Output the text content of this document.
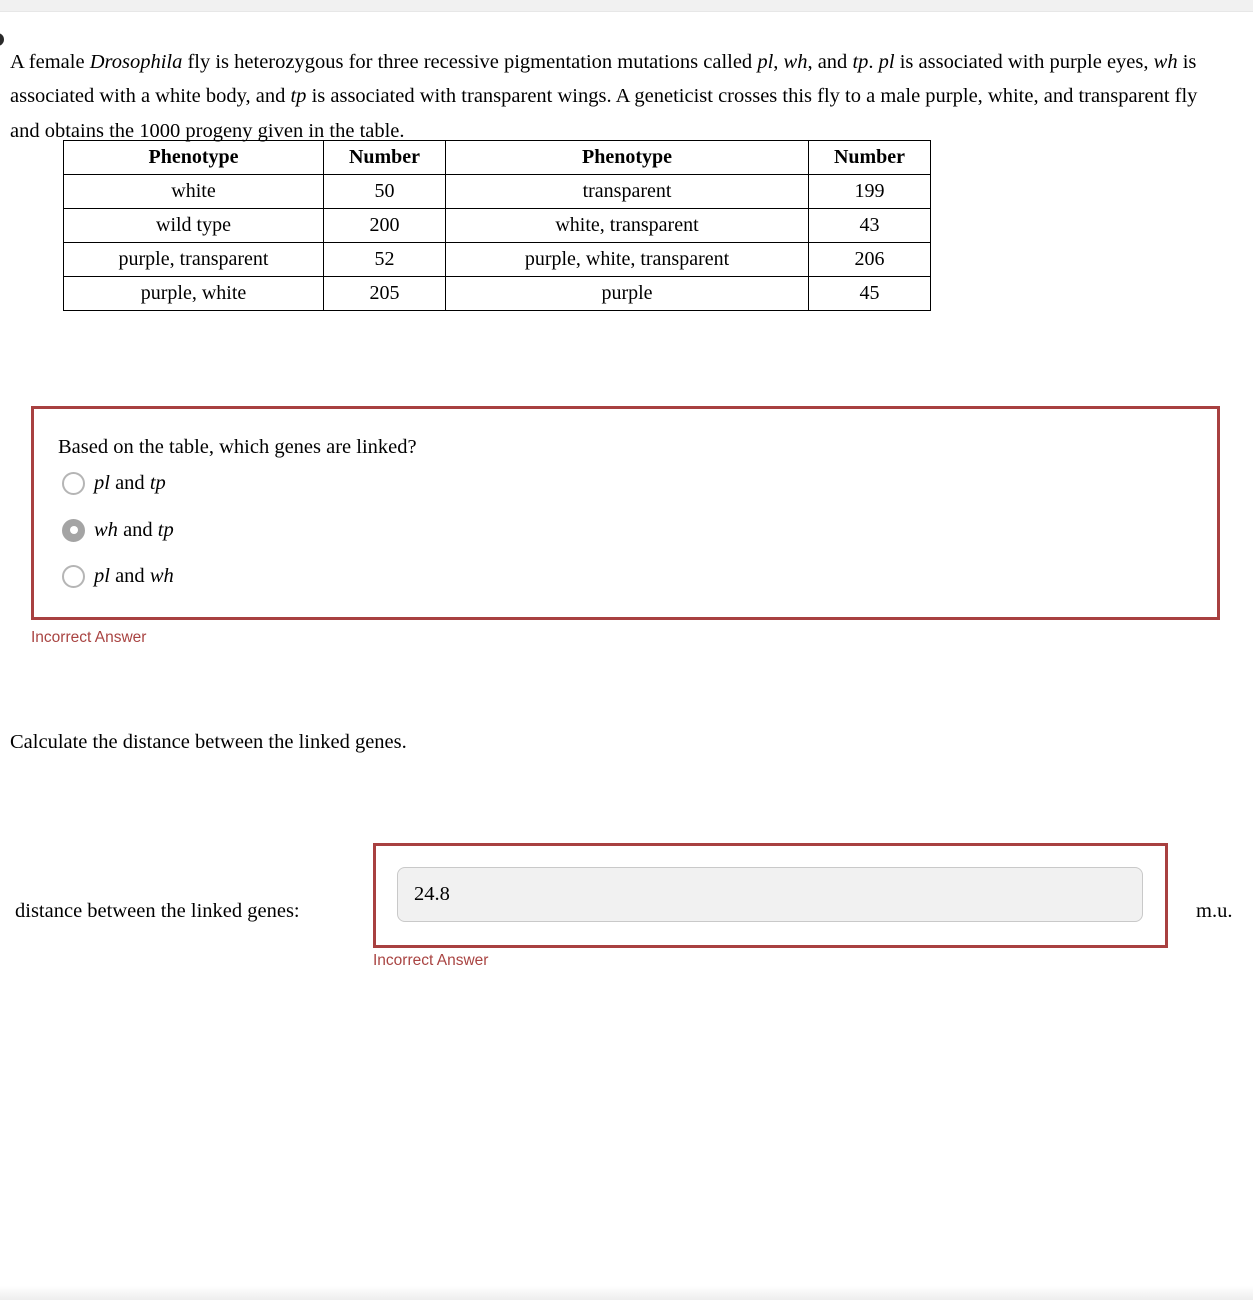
A female Drosophila fly is heterozygous for three recessive pigmentation mutations called pl, wh, and tp. pl is associated with purple eyes, wh is associated with a white body, and tp is associated with transparent wings. A geneticist crosses this fly to a male purple, white, and transparent fly and obtains the 1000 progeny given in the table.

Phenotype	Number	Phenotype	Number
white	50	transparent	199
wild type	200	white, transparent	43
purple, transparent	52	purple, white, transparent	206
purple, white	205	purple	45
Based on the table, which genes are linked?
pl and tp
wh and tp
pl and wh
Incorrect Answer
Calculate the distance between the linked genes.
distance between the linked genes:
24.8	m.u.
Incorrect Answer
